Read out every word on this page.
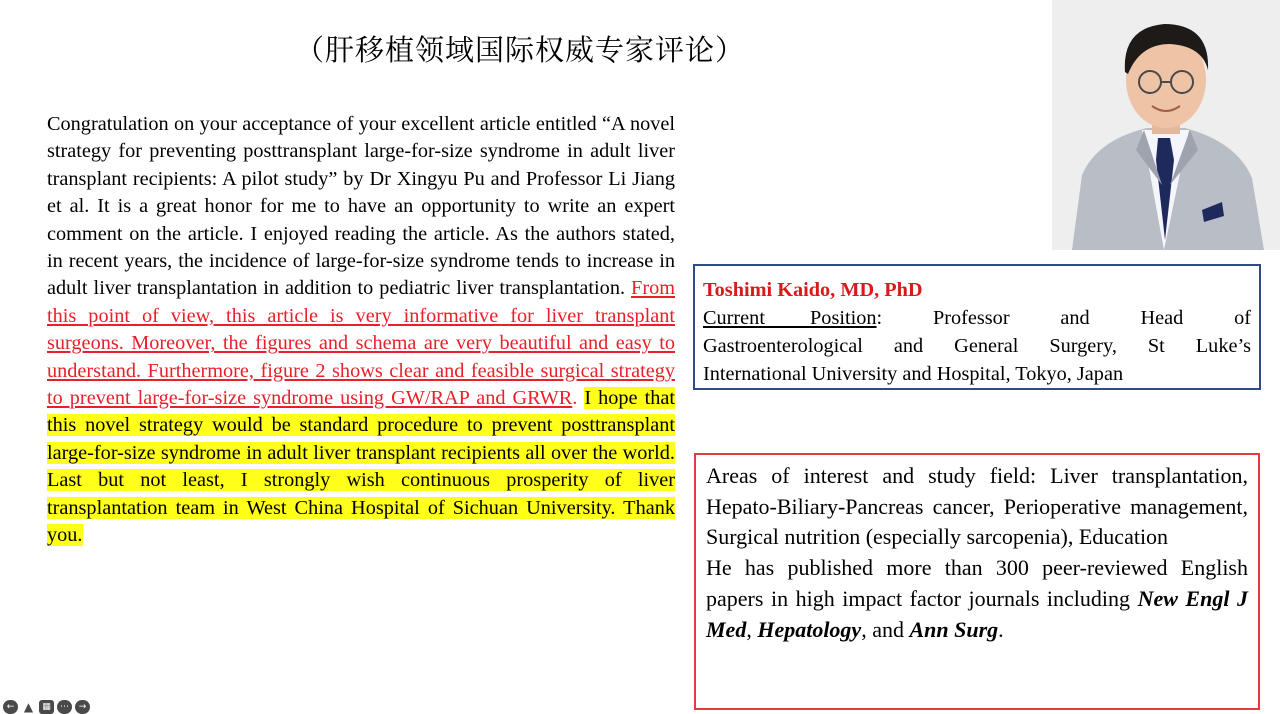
（肝移植领域国际权威专家评论）
Congratulation on your acceptance of your excellent article entitled “A novel strategy for preventing posttransplant large-for-size syndrome in adult liver transplant recipients: A pilot study” by Dr Xingyu Pu and Professor Li Jiang et al. It is a great honor for me to have an opportunity to write an expert comment on the article. I enjoyed reading the article. As the authors stated, in recent years, the incidence of large-for-size syndrome tends to increase in adult liver transplantation in addition to pediatric liver transplantation. From this point of view, this article is very informative for liver transplant surgeons. Moreover, the figures and schema are very beautiful and easy to understand. Furthermore, figure 2 shows clear and feasible surgical strategy to prevent large-for-size syndrome using GW/RAP and GRWR. I hope that this novel strategy would be standard procedure to prevent posttransplant large-for-size syndrome in adult liver transplant recipients all over the world. Last but not least, I strongly wish continuous prosperity of liver transplantation team in West China Hospital of Sichuan University. Thank you.
Toshimi Kaido, MD, PhD
Current Position:	Professor	and	Head	of
Gastroenterological and General Surgery, St Luke’s
International University and Hospital, Tokyo, Japan
Areas of interest and study field: Liver transplantation, Hepato-Biliary-Pancreas cancer, Perioperative management, Surgical nutrition (especially sarcopenia), Education
He has published more than 300 peer-reviewed English papers in high impact factor journals including New Engl J Med, Hepatology, and Ann Surg.
← ▲	▦	⋯	→
